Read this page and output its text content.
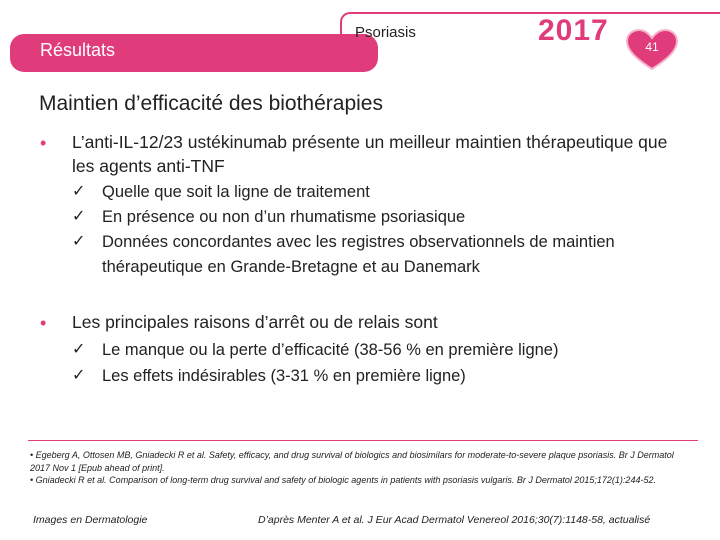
Résultats
Psoriasis	2017	41
Maintien d’efficacité des biothérapies
• L’anti-IL-12/23 ustékinumab présente un meilleur maintien thérapeutique que les agents anti-TNF
✓ Quelle que soit la ligne de traitement
✓ En présence ou non d’un rhumatisme psoriasique
✓ Données concordantes avec les registres observationnels de maintien thérapeutique en Grande-Bretagne et au Danemark
• Les principales raisons d’arrêt ou de relais sont
✓ Le manque ou la perte d’efficacité (38-56 % en première ligne)
✓ Les effets indésirables (3-31 % en première ligne)
• Egeberg A, Ottosen MB, Gniadecki R et al. Safety, efficacy, and drug survival of biologics and biosimilars for moderate-to-severe plaque psoriasis. Br J Dermatol 2017 Nov 1 [Epub ahead of print].
• Gniadecki R et al. Comparison of long-term drug survival and safety of biologic agents in patients with psoriasis vulgaris. Br J Dermatol 2015;172(1):244-52.
Images en Dermatologie	D’après Menter A et al. J Eur Acad Dermatol Venereol 2016;30(7):1148-58, actualisé
